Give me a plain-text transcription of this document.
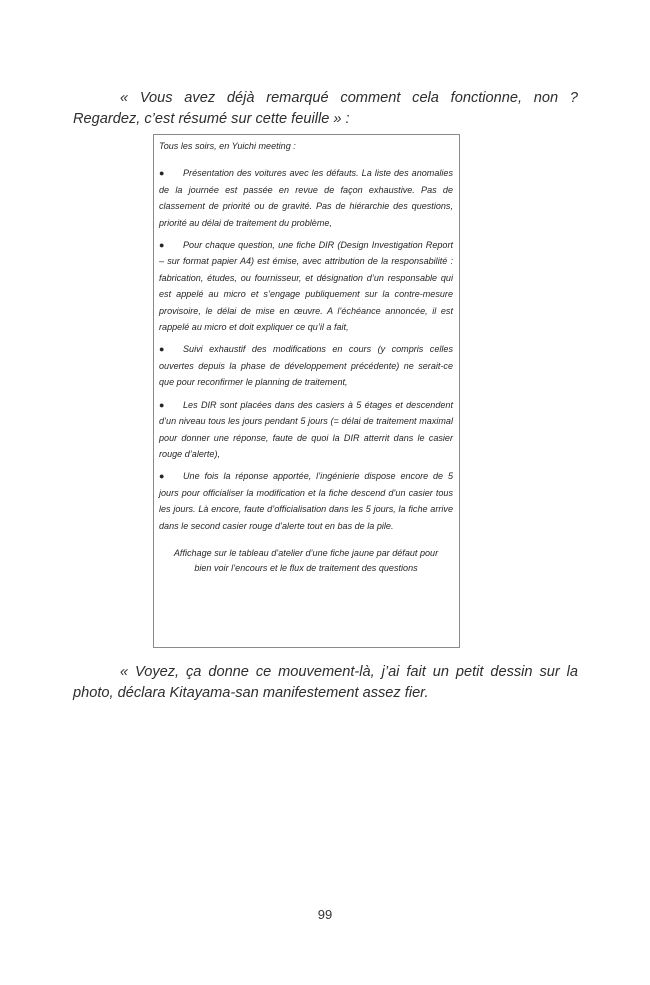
« Vous avez déjà remarqué comment cela fonctionne, non ? Regardez, c’est résumé sur cette feuille » :

Tous les soirs, en Yuichi meeting :

●	Présentation des voitures avec les défauts. La liste des anomalies de la journée est passée en revue de façon exhaustive. Pas de classement de priorité ou de gravité. Pas de hiérarchie des questions, priorité au délai de traitement du problème,

●	Pour chaque question, une fiche DIR (Design Investigation Report – sur format papier A4) est émise, avec attribution de la responsabilité : fabrication, études, ou fournisseur, et désignation d’un responsable qui est appelé au micro et s’engage publiquement sur la contre-mesure provisoire, le délai de mise en œuvre. A l’échéance annoncée, il est rappelé au micro et doit expliquer ce qu’il a fait,

●	Suivi exhaustif des modifications en cours (y compris celles ouvertes depuis la phase de développement précédente) ne serait-ce que pour reconfirmer le planning de traitement,

●	Les DIR sont placées dans des casiers à 5 étages et descendent d’un niveau tous les jours pendant 5 jours (= délai de traitement maximal pour donner une réponse, faute de quoi la DIR atterrit dans le casier rouge d’alerte),

●	Une fois la réponse apportée, l’ingénierie dispose encore de 5 jours pour officialiser la modification et la fiche descend d’un casier tous les jours. Là encore, faute d’officialisation dans les 5 jours, la fiche arrive dans le second casier rouge d’alerte tout en bas de la pile.

Affichage sur le tableau d’atelier d’une fiche jaune par défaut pour bien voir l’encours et le flux de traitement des questions

« Voyez, ça donne ce mouvement-là, j’ai fait un petit dessin sur la photo, déclara Kitayama-san manifestement assez fier.

99
